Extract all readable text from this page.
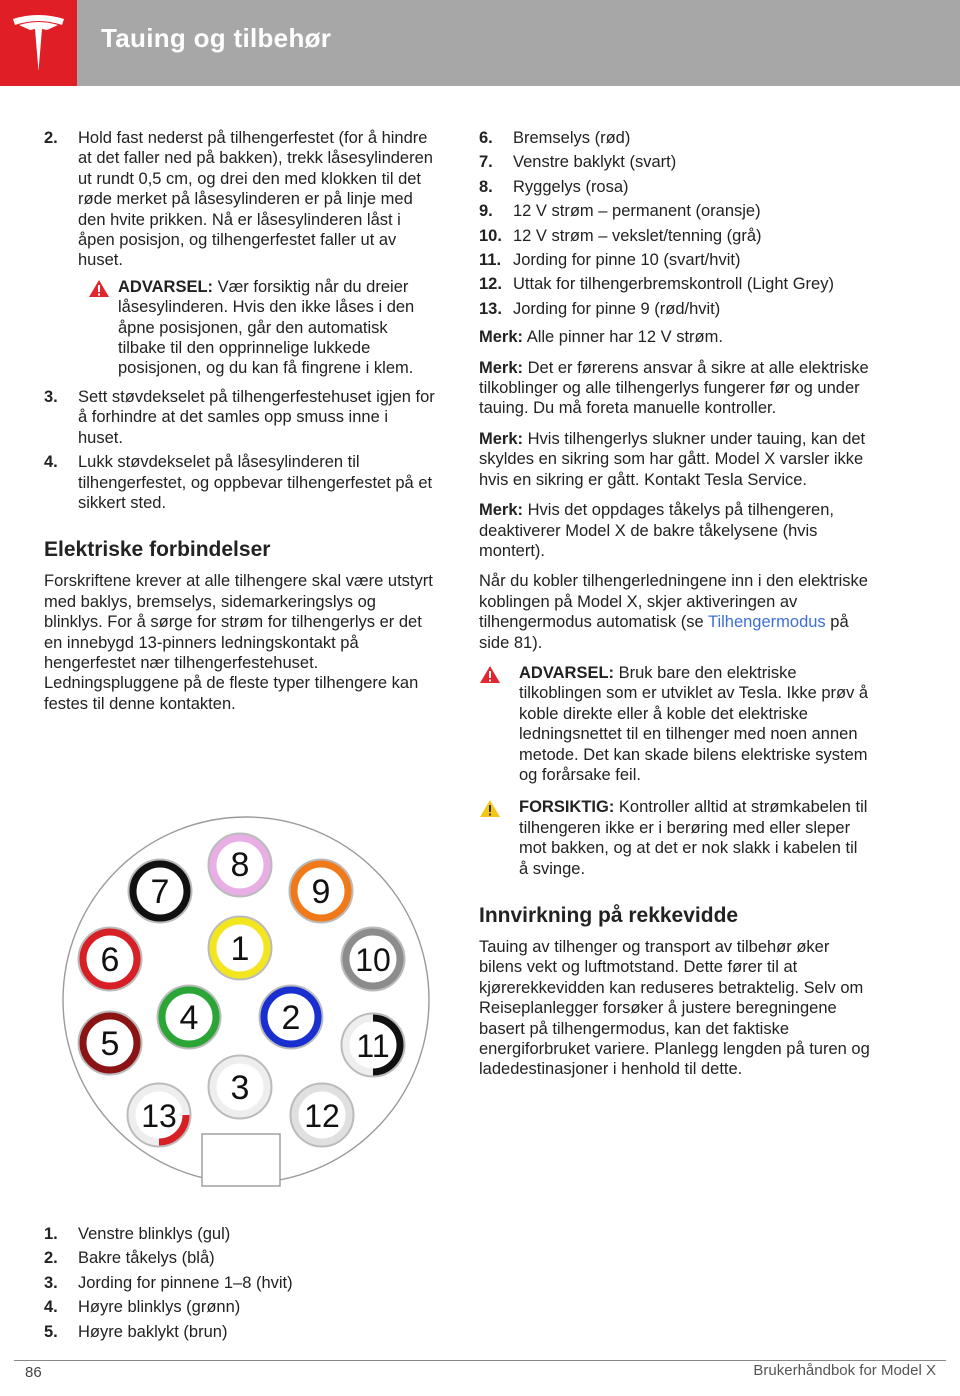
Tauing og tilbehør
2. Hold fast nederst på tilhengerfestet (for å hindre at det faller ned på bakken), trekk låsesylinderen ut rundt 0,5 cm, og drei den med klokken til det røde merket på låsesylinderen er på linje med den hvite prikken. Nå er låsesylinderen låst i åpen posisjon, og tilhengerfestet faller ut av huset.
ADVARSEL: Vær forsiktig når du dreier låsesylinderen. Hvis den ikke låses i den åpne posisjonen, går den automatisk tilbake til den opprinnelige lukkede posisjonen, og du kan få fingrene i klem.
3. Sett støvdekselet på tilhengerfestehuset igjen for å forhindre at det samles opp smuss inne i huset.
4. Lukk støvdekselet på låsesylinderen til tilhengerfestet, og oppbevar tilhengerfestet på et sikkert sted.
Elektriske forbindelser

Forskriftene krever at alle tilhengere skal være utstyrt med baklys, bremselys, sidemarkeringslys og blinklys. For å sørge for strøm for tilhengerlys er det en innebygd 13-pinners ledningskontakt på hengerfestet nær tilhengerfestehuset. Ledningspluggene på de fleste typer tilhengere kan festes til denne kontakten.

8
7	9
6	1	10
4 2
5	11
3
13	12
1. Venstre blinklys (gul)
2. Bakre tåkelys (blå)
3. Jording for pinnene 1–8 (hvit)
4. Høyre blinklys (grønn)
5. Høyre baklykt (brun)
6. Bremselys (rød)
7. Venstre baklykt (svart)
8. Ryggelys (rosa)
9. 12 V strøm – permanent (oransje)
10. 12 V strøm – vekslet/tenning (grå)
11. Jording for pinne 10 (svart/hvit)
12. Uttak for tilhengerbremskontroll (Light Grey)
13. Jording for pinne 9 (rød/hvit)

Merk: Alle pinner har 12 V strøm.

Merk: Det er førerens ansvar å sikre at alle elektriske tilkoblinger og alle tilhengerlys fungerer før og under tauing. Du må foreta manuelle kontroller.

Merk: Hvis tilhengerlys slukner under tauing, kan det skyldes en sikring som har gått. Model X varsler ikke hvis en sikring er gått. Kontakt Tesla Service.

Merk: Hvis det oppdages tåkelys på tilhengeren, deaktiverer Model X de bakre tåkelysene (hvis montert).

Når du kobler tilhengerledningene inn i den elektriske koblingen på Model X, skjer aktiveringen av tilhengermodus automatisk (se Tilhengermodus på side 81).

ADVARSEL: Bruk bare den elektriske tilkoblingen som er utviklet av Tesla. Ikke prøv å koble direkte eller å koble det elektriske ledningsnettet til en tilhenger med noen annen metode. Det kan skade bilens elektriske system og forårsake feil.
FORSIKTIG: Kontroller alltid at strømkabelen til tilhengeren ikke er i berøring med eller sleper mot bakken, og at det er nok slakk i kabelen til å svinge.
Innvirkning på rekkevidde

Tauing av tilhenger og transport av tilbehør øker bilens vekt og luftmotstand. Dette fører til at kjørerekkevidden kan reduseres betraktelig. Selv om Reiseplanlegger forsøker å justere beregningene basert på tilhengermodus, kan det faktiske energiforbruket variere. Planlegg lengden på turen og ladedestinasjoner i henhold til dette.

86	Brukerhåndbok for Model X
